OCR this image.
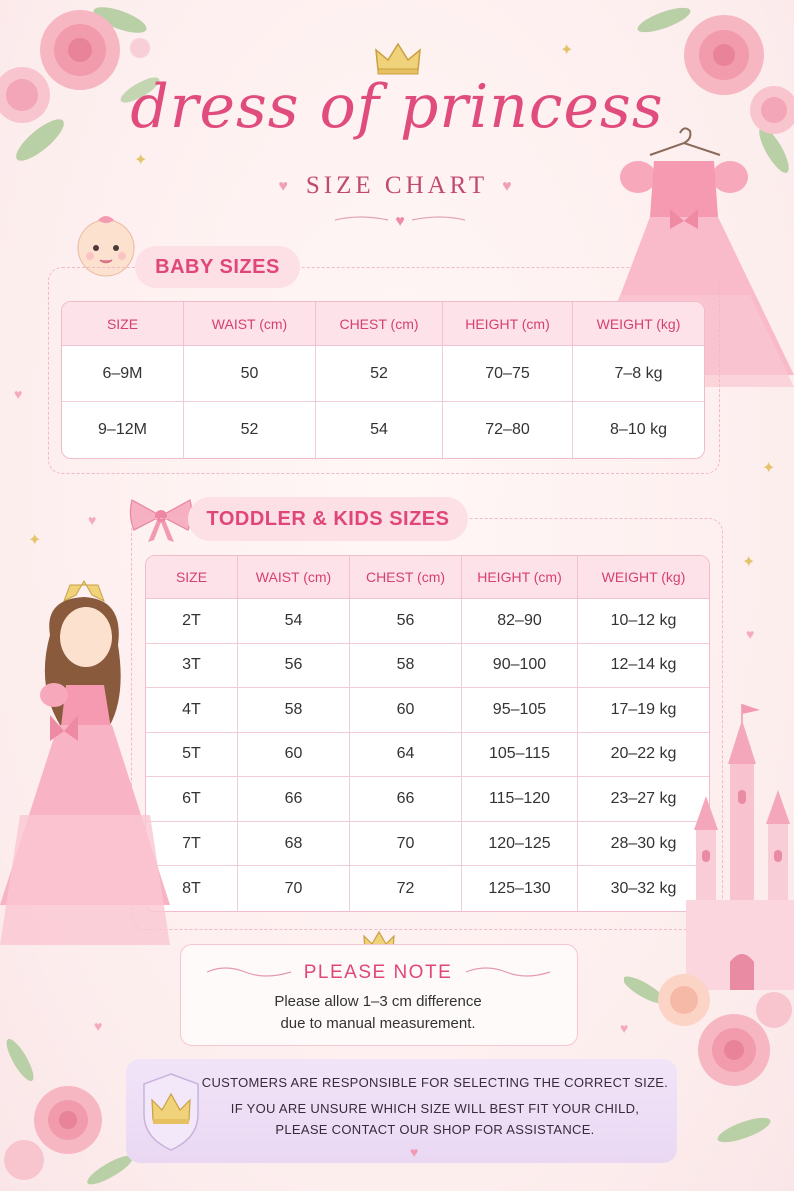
dress of princess
♥ SIZE CHART ♥
♥
BABY SIZES
SIZE	WAIST (cm)	CHEST (cm)	HEIGHT (cm)	WEIGHT (kg)
6–9M	50	52	70–75	7–8 kg
9–12M	52	54	72–80	8–10 kg
TODDLER & KIDS SIZES
SIZE	WAIST (cm)	CHEST (cm)	HEIGHT (cm)	WEIGHT (kg)
2T	54	56	82–90	10–12 kg
3T	56	58	90–100	12–14 kg
4T	58	60	95–105	17–19 kg
5T	60	64	105–115	20–22 kg
6T	66	66	115–120	23–27 kg
7T	68	70	120–125	28–30 kg
8T	70	72	125–130	30–32 kg
✦
✦
✦
✦
✦
♥
♥
♥
♥	♥
PLEASE NOTE
Please allow 1–3 cm difference
due to manual measurement.
CUSTOMERS ARE RESPONSIBLE FOR SELECTING THE CORRECT SIZE.
IF YOU ARE UNSURE WHICH SIZE WILL BEST FIT YOUR CHILD,
PLEASE CONTACT OUR SHOP FOR ASSISTANCE.
♥
